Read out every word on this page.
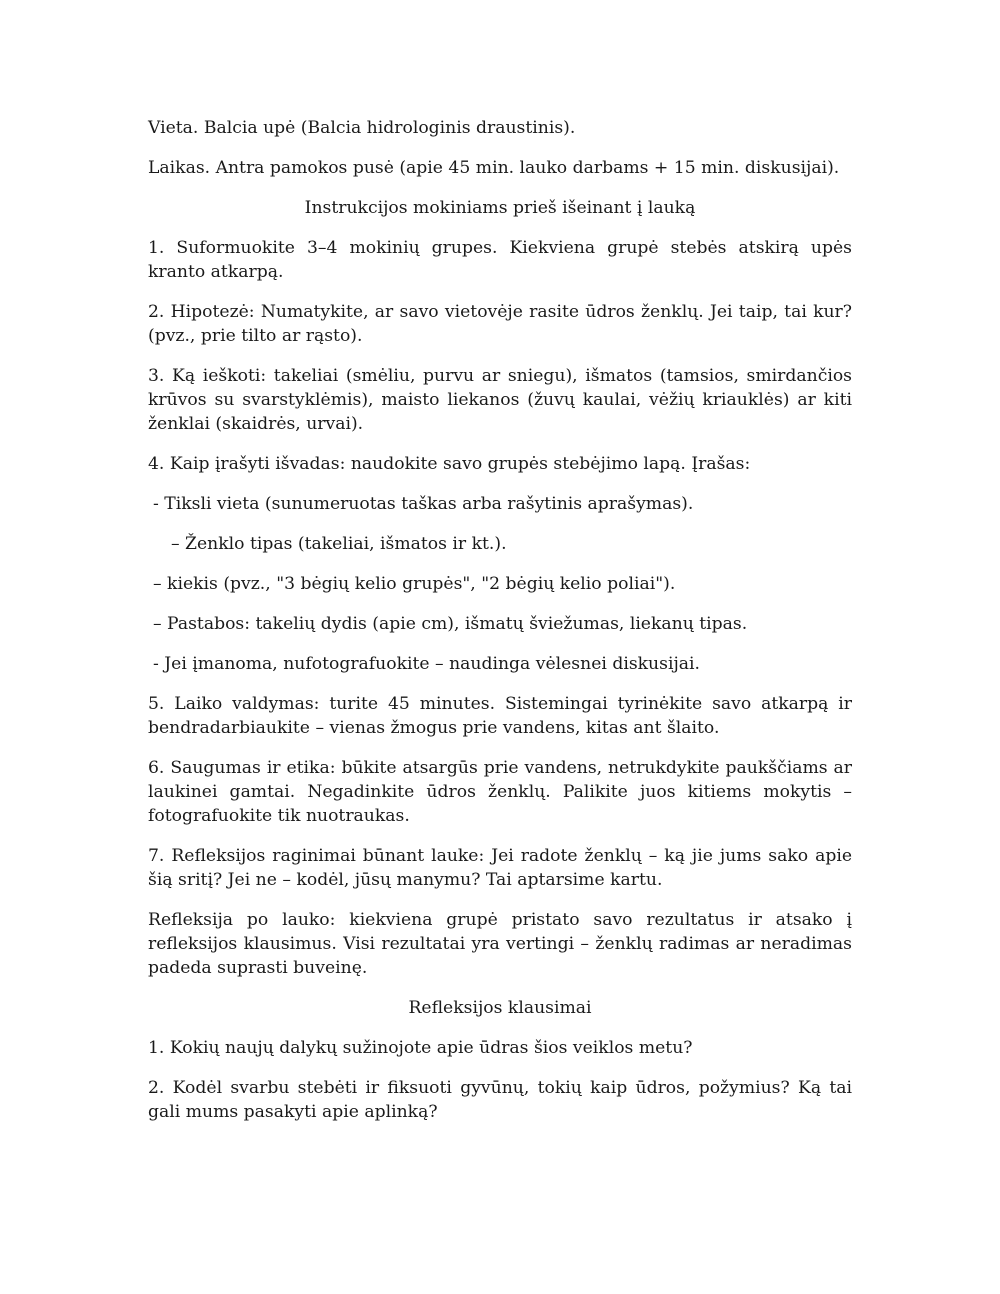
Vieta. Balcia upė (Balcia hidrologinis draustinis).

Laikas. Antra pamokos pusė (apie 45 min. lauko darbams + 15 min. diskusijai).

Instrukcijos mokiniams prieš išeinant į lauką

1. Suformuokite 3–4 mokinių grupes. Kiekviena grupė stebės atskirą upės kranto atkarpą.

2. Hipotezė: Numatykite, ar savo vietovėje rasite ūdros ženklų. Jei taip, tai kur? (pvz., prie tilto ar rąsto).

3. Ką ieškoti: takeliai (smėliu, purvu ar sniegu), išmatos (tamsios, smirdančios krūvos su svarstyklėmis), maisto liekanos (žuvų kaulai, vėžių kriauklės) ar kiti ženklai (skaidrės, urvai).

4. Kaip įrašyti išvadas: naudokite savo grupės stebėjimo lapą. Įrašas:

- Tiksli vieta (sunumeruotas taškas arba rašytinis aprašymas).
– Ženklo tipas (takeliai, išmatos ir kt.).
– kiekis (pvz., "3 bėgių kelio grupės", "2 bėgių kelio poliai").
– Pastabos: takelių dydis (apie cm), išmatų šviežumas, liekanų tipas.
- Jei įmanoma, nufotografuokite – naudinga vėlesnei diskusijai.

5. Laiko valdymas: turite 45 minutes. Sistemingai tyrinėkite savo atkarpą ir bendradarbiaukite – vienas žmogus prie vandens, kitas ant šlaito.

6. Saugumas ir etika: būkite atsargūs prie vandens, netrukdykite paukščiams ar laukinei gamtai. Negadinkite ūdros ženklų. Palikite juos kitiems mokytis – fotografuokite tik nuotraukas.

7. Refleksijos raginimai būnant lauke: Jei radote ženklų – ką jie jums sako apie šią sritį? Jei ne – kodėl, jūsų manymu? Tai aptarsime kartu.

Refleksija po lauko: kiekviena grupė pristato savo rezultatus ir atsako į refleksijos klausimus. Visi rezultatai yra vertingi – ženklų radimas ar neradimas padeda suprasti buveinę.

Refleksijos klausimai

1. Kokių naujų dalykų sužinojote apie ūdras šios veiklos metu?

2. Kodėl svarbu stebėti ir fiksuoti gyvūnų, tokių kaip ūdros, požymius? Ką tai gali mums pasakyti apie aplinką?
